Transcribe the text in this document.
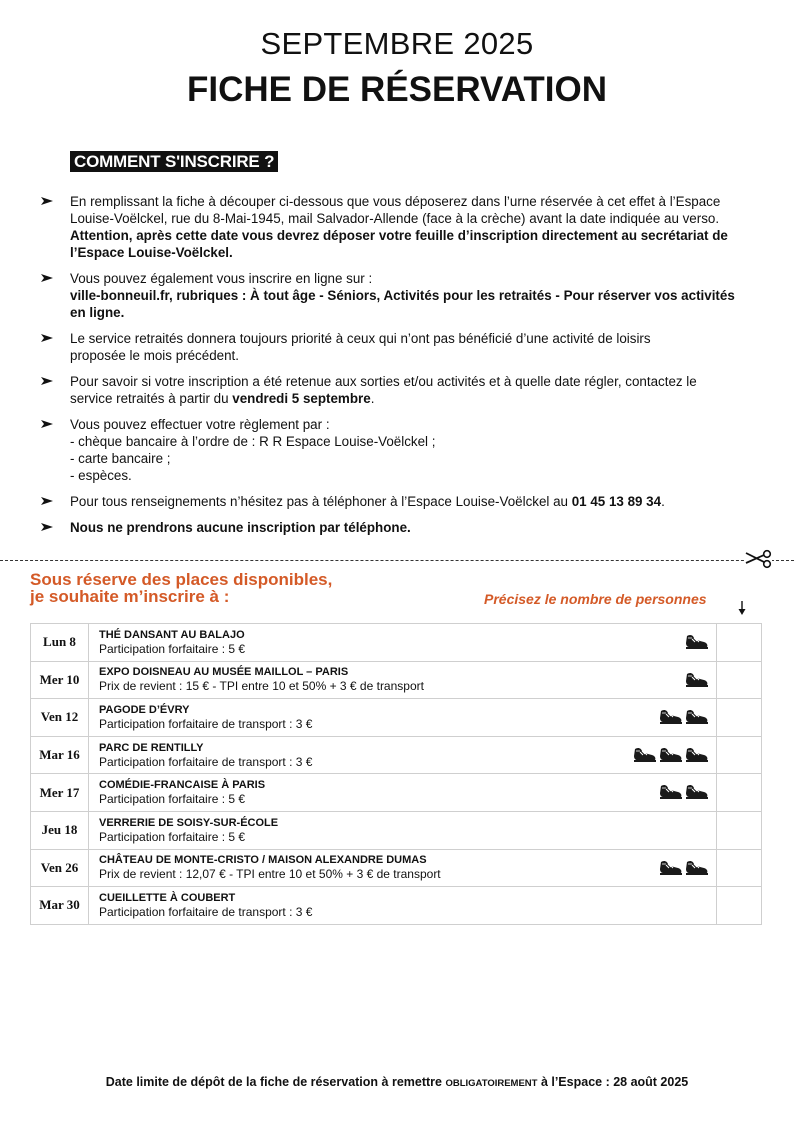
SEPTEMBRE 2025
FICHE DE RÉSERVATION
COMMENT S'INSCRIRE ?
En remplissant la fiche à découper ci-dessous que vous déposerez dans l’urne réservée à cet effet à l’Espace Louise-Voëlckel, rue du 8-Mai-1945, mail Salvador-Allende (face à la crèche) avant la date indiquée au verso. Attention, après cette date vous devrez déposer votre feuille d’inscription directement au secrétariat de l’Espace Louise-Voëlckel.
Vous pouvez également vous inscrire en ligne sur :
ville-bonneuil.fr, rubriques : À tout âge - Séniors, Activités pour les retraités - Pour réserver vos activités en ligne.
Le service retraités donnera toujours priorité à ceux qui n’ont pas bénéficié d’une activité de loisirs proposée le mois précédent.
Pour savoir si votre inscription a été retenue aux sorties et/ou activités et à quelle date régler, contactez le service retraités à partir du vendredi 5 septembre.
Vous pouvez effectuer votre règlement par :
- chèque bancaire à l’ordre de : R R Espace Louise-Voëlckel ;
- carte bancaire ;
- espèces.
Pour tous renseignements n’hésitez pas à téléphoner à l’Espace Louise-Voëlckel au 01 45 13 89 34.
Nous ne prendrons aucune inscription par téléphone.
Sous réserve des places disponibles,
je souhaite m’inscrire à :	Précisez le nombre de personnes
Lun 8	THÉ DANSANT AU BALAJO
Participation forfaitaire : 5 €	

Mer 10	EXPO DOISNEAU AU MUSÉE MAILLOL – PARIS
Prix de revient : 15 € - TPI entre 10 et 50% + 3 € de transport	

Ven 12	PAGODE D’ÉVRY
Participation forfaitaire de transport : 3 €	

Mar 16	PARC DE RENTILLY
Participation forfaitaire de transport : 3 €	

Mer 17	COMÉDIE-FRANCAISE À PARIS
Participation forfaitaire : 5 €	

Jeu 18	VERRERIE DE SOISY-SUR-ÉCOLE
Participation forfaitaire : 5 €	

Ven 26	CHÂTEAU DE MONTE-CRISTO / MAISON ALEXANDRE DUMAS
Prix de revient : 12,07 € - TPI entre 10 et 50% + 3 € de transport	

Mar 30	CUEILLETTE À COUBERT
Participation forfaitaire de transport : 3 €	

Date limite de dépôt de la fiche de réservation à remettre OBLIGATOIREMENT à l’Espace : 28 août 2025
